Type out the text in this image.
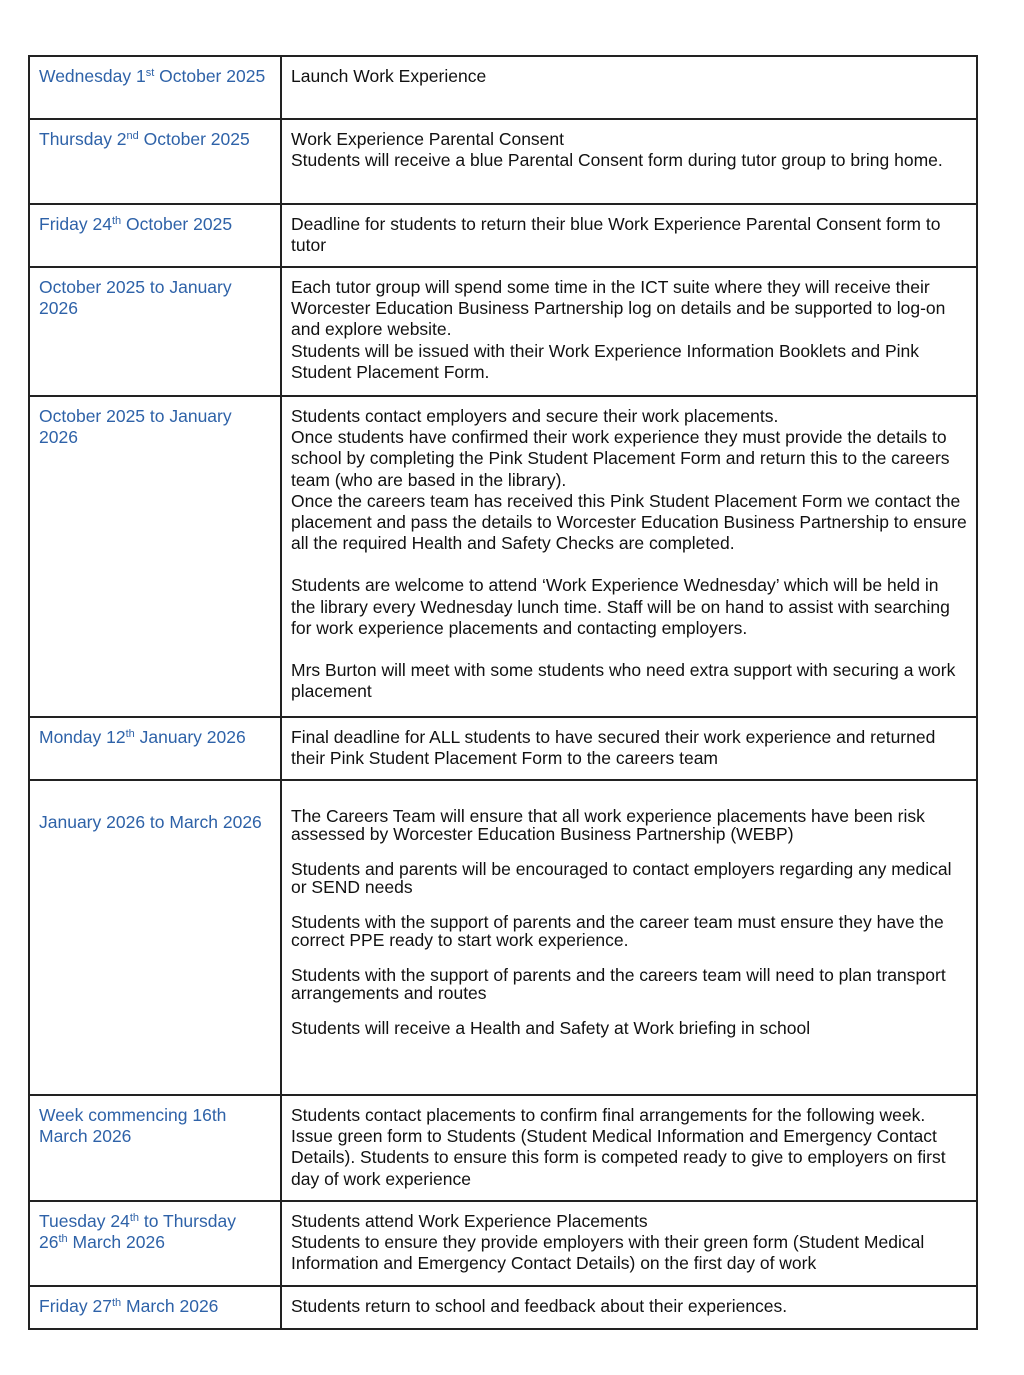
Wednesday 1st October 2025	Launch Work Experience

Thursday 2nd October 2025	Work Experience Parental Consent
Students will receive a blue Parental Consent form during tutor group to bring home.

Friday 24th October 2025	Deadline for students to return their blue Work Experience Parental Consent form to tutor

October 2025 to January 2026	Each tutor group will spend some time in the ICT suite where they will receive their Worcester Education Business Partnership log on details and be supported to log-on and explore website.
Students will be issued with their Work Experience Information Booklets and Pink Student Placement Form.

October 2025 to January 2026	Students contact employers and secure their work placements.
Once students have confirmed their work experience they must provide the details to school by completing the Pink Student Placement Form and return this to the careers team (who are based in the library).
Once the careers team has received this Pink Student Placement Form we contact the placement and pass the details to Worcester Education Business Partnership to ensure all the required Health and Safety Checks are completed.
Students are welcome to attend ‘Work Experience Wednesday’ which will be held in the library every Wednesday lunch time. Staff will be on hand to assist with searching for work experience placements and contacting employers.
Mrs Burton will meet with some students who need extra support with securing a work placement

Monday 12th January 2026	Final deadline for ALL students to have secured their work experience and returned their Pink Student Placement Form to the careers team

January 2026 to March 2026	The Careers Team will ensure that all work experience placements have been risk assessed by Worcester Education Business Partnership (WEBP)
Students and parents will be encouraged to contact employers regarding any medical or SEND needs
Students with the support of parents and the career team must ensure they have the correct PPE ready to start work experience.
Students with the support of parents and the careers team will need to plan transport arrangements and routes
Students will receive a Health and Safety at Work briefing in school

Week commencing 16th March 2026	Students contact placements to confirm final arrangements for the following week.
Issue green form to Students (Student Medical Information and Emergency Contact Details). Students to ensure this form is competed ready to give to employers on first day of work experience

Tuesday 24th to Thursday
26th March 2026	Students attend Work Experience Placements
Students to ensure they provide employers with their green form (Student Medical Information and Emergency Contact Details) on the first day of work

Friday 27th March 2026	Students return to school and feedback about their experiences.
